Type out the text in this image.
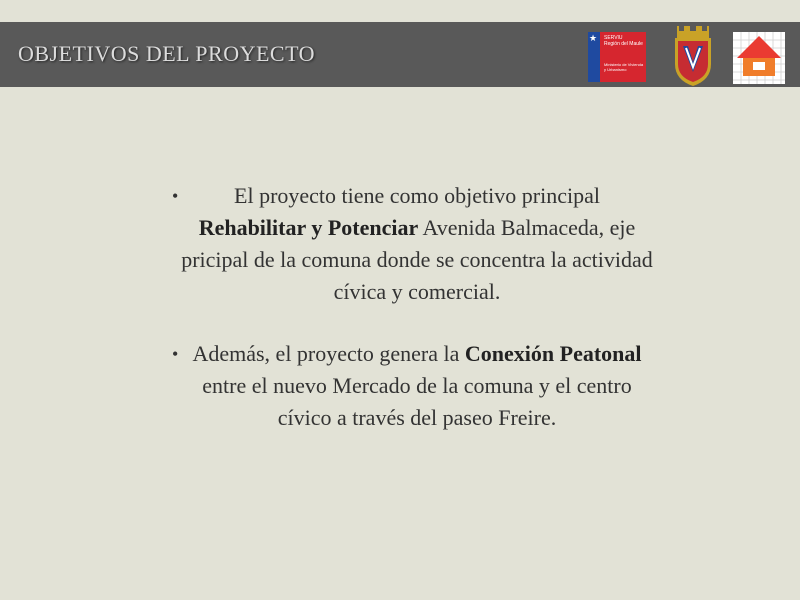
OBJETIVOS DEL PROYECTO
★ SERVIU
Región del Maule
Ministerio de Vivienda y Urbanismo
•	El proyecto tiene como objetivo principal Rehabilitar y Potenciar Avenida Balmaceda, eje pricipal de la comuna donde se concentra la actividad cívica y comercial.
• Además, el proyecto genera la Conexión Peatonal entre el nuevo Mercado de la comuna y el centro cívico a través del paseo Freire.
